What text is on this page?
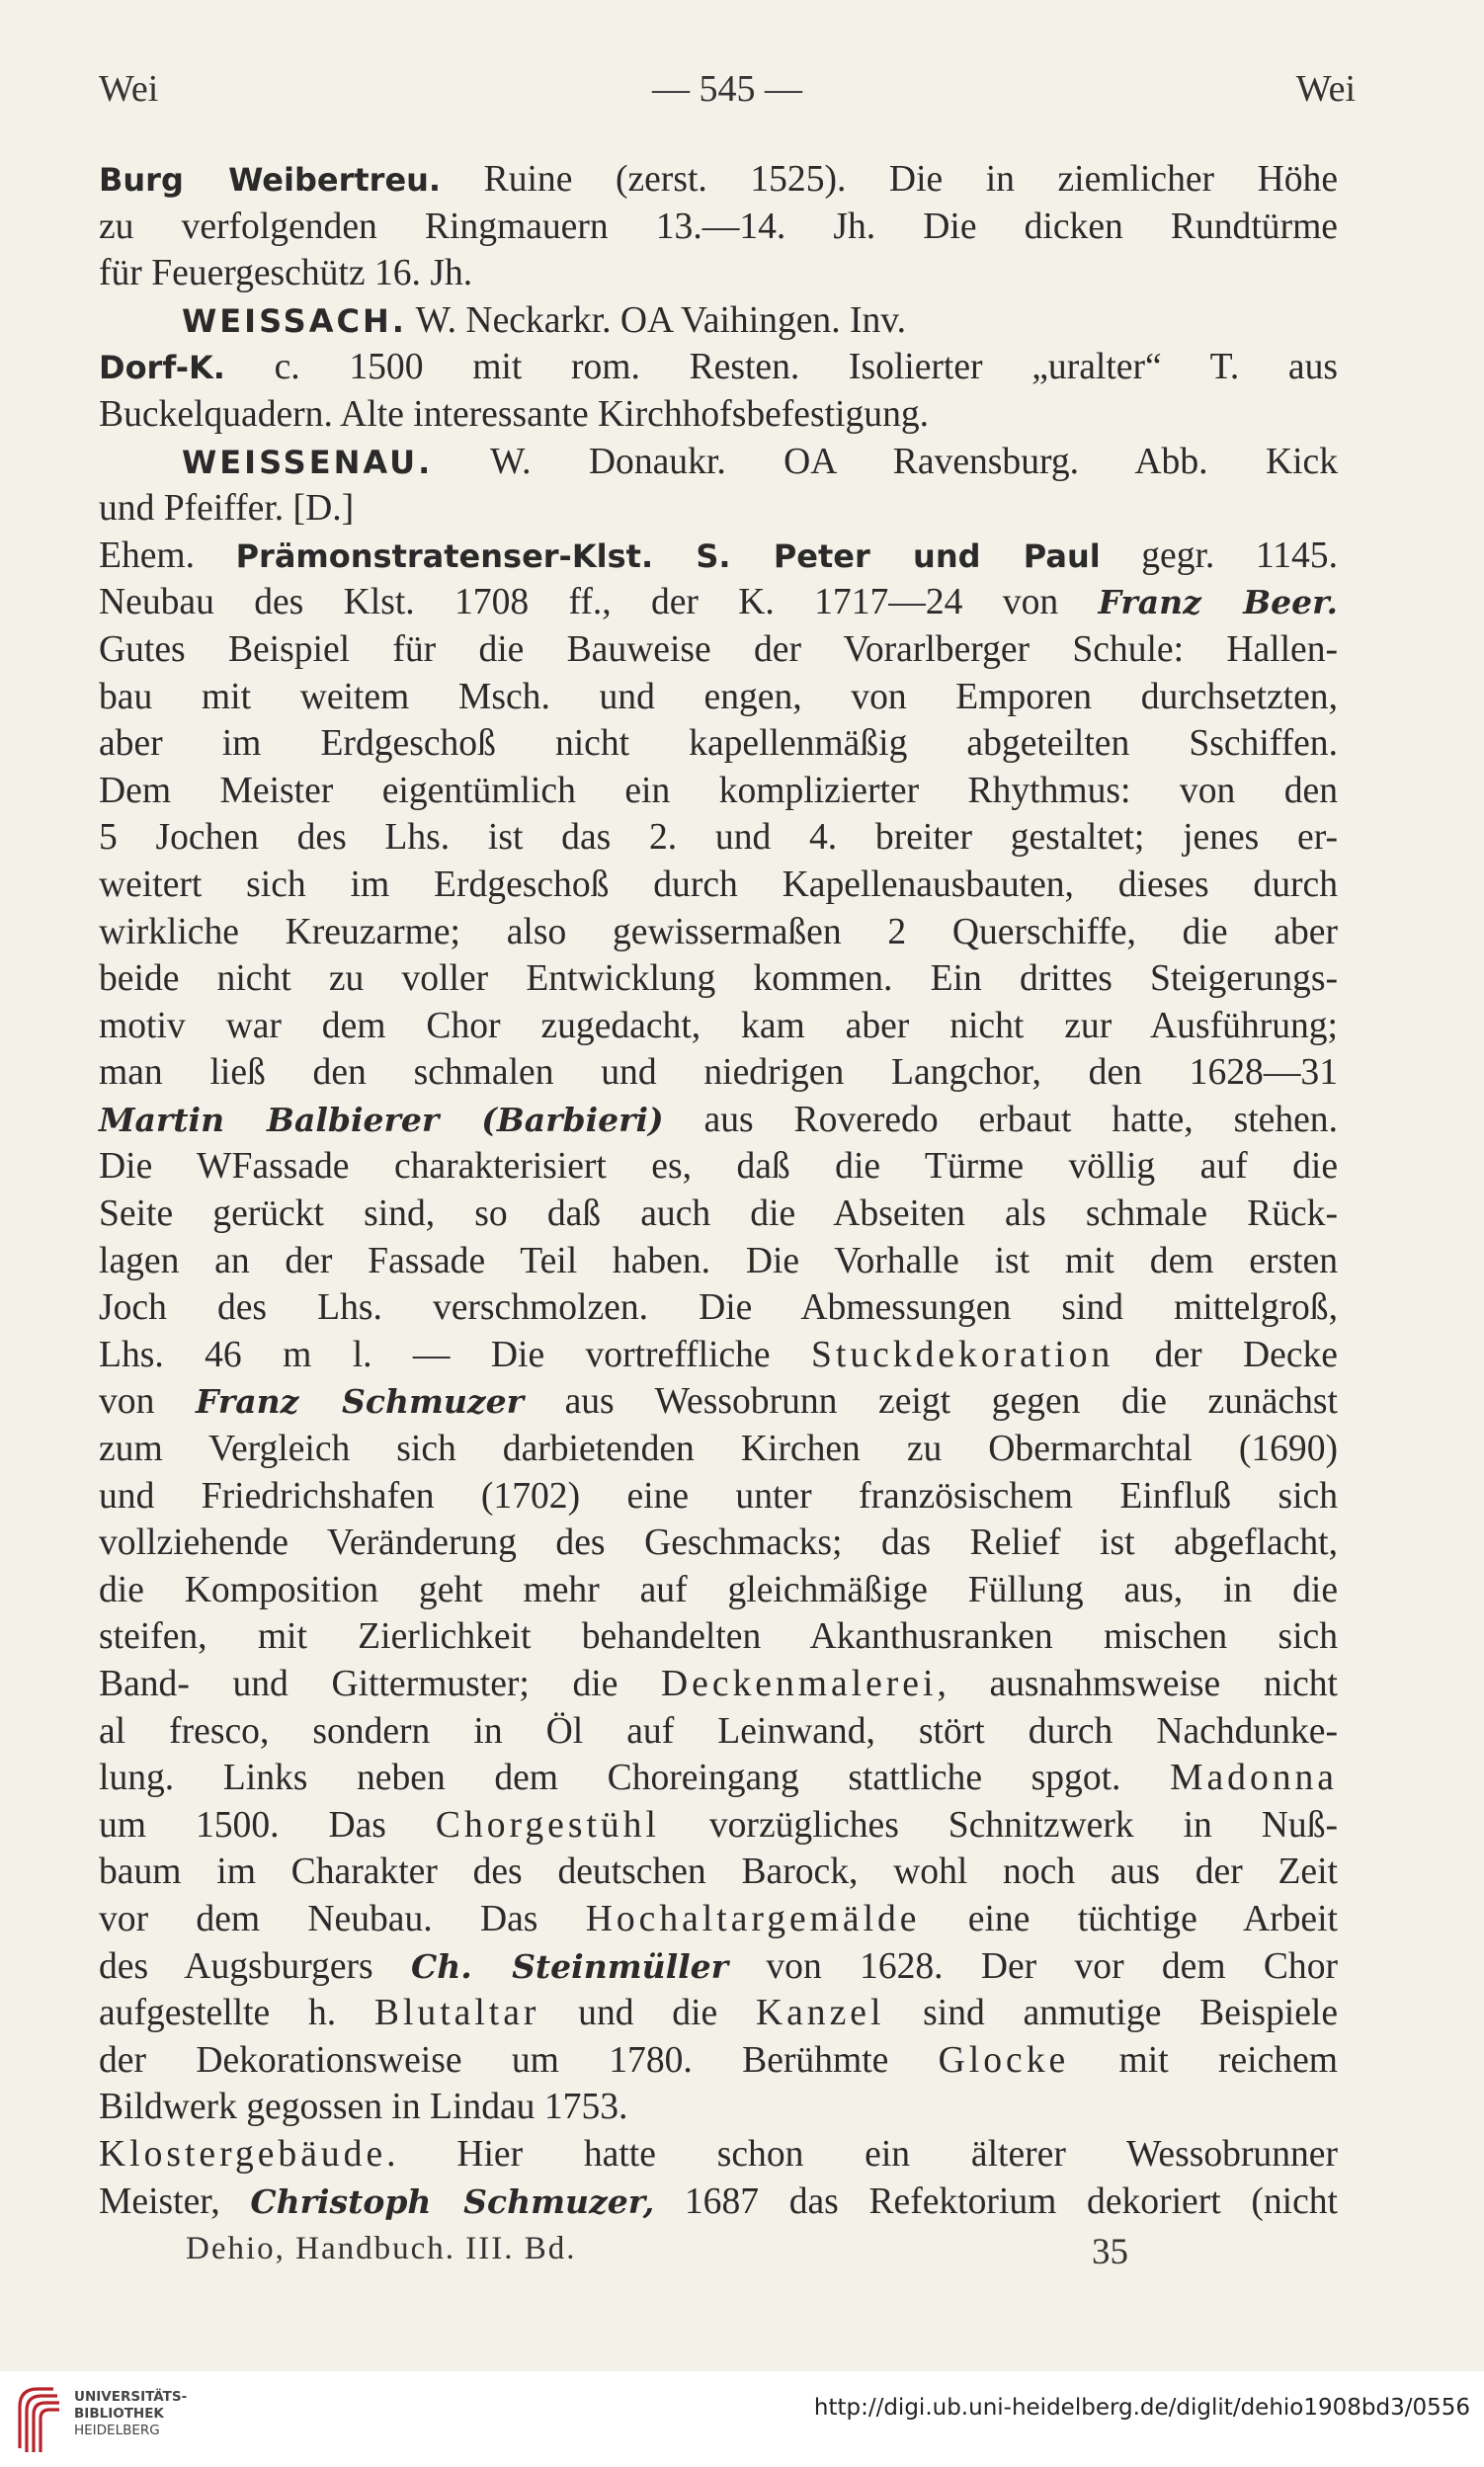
Wei	— 545 —	Wei
Burg Weibertreu. Ruine (zerst. 1525). Die in ziemlicher Höhe
zu verfolgenden Ringmauern 13.—14. Jh. Die dicken Rundtürme
für Feuergeschütz 16. Jh.
WEISSACH. W. Neckarkr. OA Vaihingen. Inv.
Dorf-K. c. 1500 mit rom. Resten. Isolierter „uralter“ T. aus
Buckelquadern. Alte interessante Kirchhofsbefestigung.
WEISSENAU. W. Donaukr. OA Ravensburg. Abb. Kick
und Pfeiffer. [D.]
Ehem. Prämonstratenser-Klst. S. Peter und Paul gegr. 1145.
Neubau des Klst. 1708 ff., der K. 1717—24 von Franz Beer.
Gutes Beispiel für die Bauweise der Vorarlberger Schule: Hallen-
bau mit weitem Msch. und engen, von Emporen durchsetzten,
aber im Erdgeschoß nicht kapellenmäßig abgeteilten Sschiffen.
Dem Meister eigentümlich ein komplizierter Rhythmus: von den
5 Jochen des Lhs. ist das 2. und 4. breiter gestaltet; jenes er-
weitert sich im Erdgeschoß durch Kapellenausbauten, dieses durch
wirkliche Kreuzarme; also gewissermaßen 2 Querschiffe, die aber
beide nicht zu voller Entwicklung kommen. Ein drittes Steigerungs-
motiv war dem Chor zugedacht, kam aber nicht zur Ausführung;
man ließ den schmalen und niedrigen Langchor, den 1628—31
Martin Balbierer (Barbieri) aus Roveredo erbaut hatte, stehen.
Die WFassade charakterisiert es, daß die Türme völlig auf die
Seite gerückt sind, so daß auch die Abseiten als schmale Rück-
lagen an der Fassade Teil haben. Die Vorhalle ist mit dem ersten
Joch des Lhs. verschmolzen. Die Abmessungen sind mittelgroß,
Lhs. 46 m l. — Die vortreffliche Stuckdekoration der Decke
von Franz Schmuzer aus Wessobrunn zeigt gegen die zunächst
zum Vergleich sich darbietenden Kirchen zu Obermarchtal (1690)
und Friedrichshafen (1702) eine unter französischem Einfluß sich
vollziehende Veränderung des Geschmacks; das Relief ist abgeflacht,
die Komposition geht mehr auf gleichmäßige Füllung aus, in die
steifen, mit Zierlichkeit behandelten Akanthusranken mischen sich
Band- und Gittermuster; die Deckenmalerei, ausnahmsweise nicht
al fresco, sondern in Öl auf Leinwand, stört durch Nachdunke-
lung. Links neben dem Choreingang stattliche spgot. Madonna
um 1500. Das Chorgestühl vorzügliches Schnitzwerk in Nuß-
baum im Charakter des deutschen Barock, wohl noch aus der Zeit
vor dem Neubau. Das Hochaltargemälde eine tüchtige Arbeit
des Augsburgers Ch. Steinmüller von 1628. Der vor dem Chor
aufgestellte h. Blutaltar und die Kanzel sind anmutige Beispiele
der Dekorationsweise um 1780. Berühmte Glocke mit reichem
Bildwerk gegossen in Lindau 1753.
Klostergebäude. Hier hatte schon ein älterer Wessobrunner
Meister, Christoph Schmuzer, 1687 das Refektorium dekoriert (nicht
Dehio, Handbuch. III. Bd.	35
UNIVERSITÄTS-
BIBLIOTHEK
HEIDELBERG
http://digi.ub.uni-heidelberg.de/diglit/dehio1908bd3/0556
